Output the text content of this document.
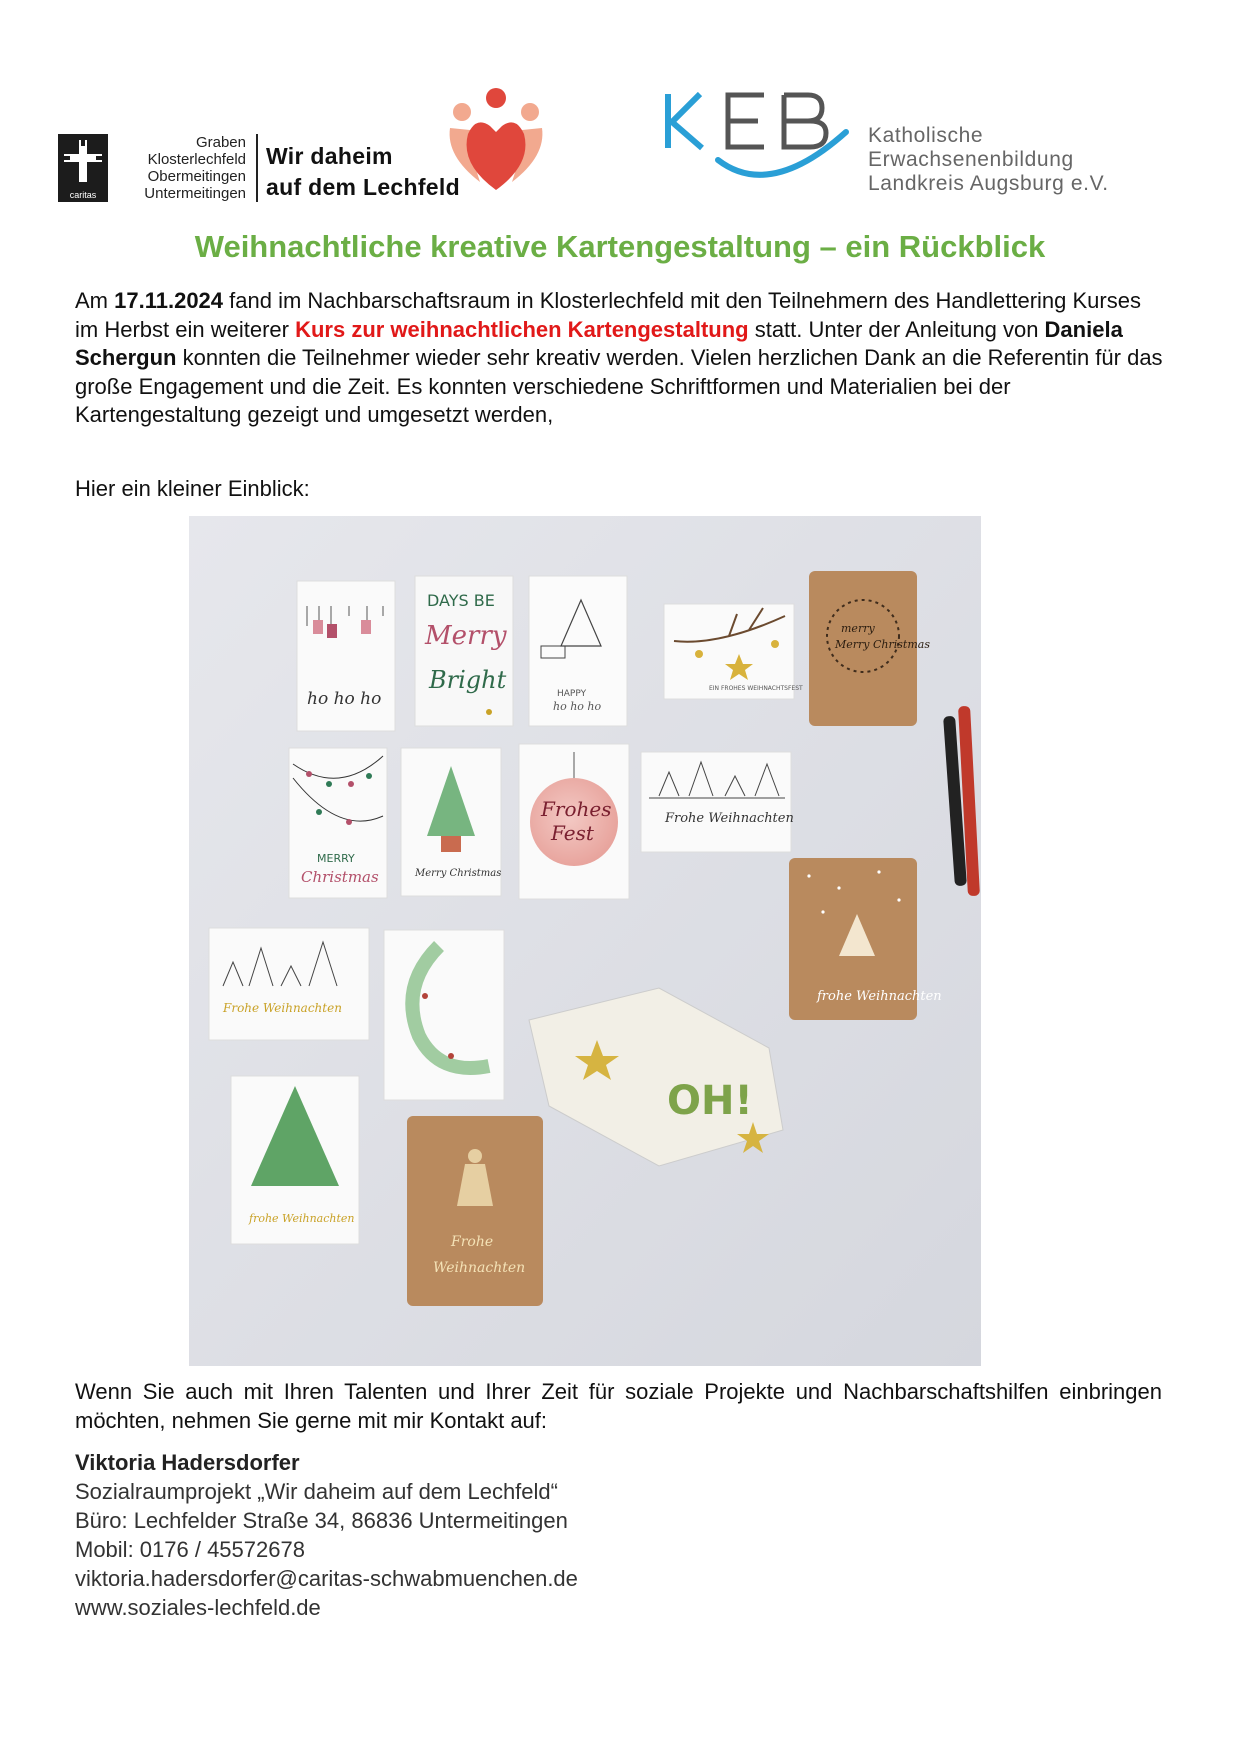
caritas
Graben
Klosterlechfeld
Obermeitingen
Untermeitingen
Wir daheim
auf dem Lechfeld
Katholische
Erwachsenenbildung
Landkreis Augsburg e.V.
Weihnachtliche kreative Kartengestaltung – ein Rückblick
Am 17.11.2024 fand im Nachbarschaftsraum in Klosterlechfeld mit den Teilnehmern des Handlettering Kurses im Herbst ein weiterer Kurs zur weihnachtlichen Kartengestaltung statt. Unter der Anleitung von Daniela Schergun konnten die Teilnehmer wieder sehr kreativ werden. Vielen herzlichen Dank an die Referentin für das große Engagement und die Zeit. Es konnten verschiedene Schriftformen und Materialien bei der Kartengestaltung gezeigt und umgesetzt werden,
Hier ein kleiner Einblick:
ho ho ho
DAYS BE
Merry
Bright	HAPPY
ho ho ho
EIN FROHES WEIHNACHTSFEST
merry
Merry Christmas
MERRY
Christmas	Merry Christmas
Frohes
Fest
Frohe Weihnachten
frohe Weihnachten
Frohe Weihnachten
OH!
frohe Weihnachten
Frohe
Weihnachten
Wenn Sie auch mit Ihren Talenten und Ihrer Zeit für soziale Projekte und Nachbarschaftshilfen einbringen möchten, nehmen Sie gerne mit mir Kontakt auf:
Viktoria Hadersdorfer
Sozialraumprojekt „Wir daheim auf dem Lechfeld“
Büro: Lechfelder Straße 34, 86836 Untermeitingen
Mobil: 0176 / 45572678
viktoria.hadersdorfer@caritas-schwabmuenchen.de
www.soziales-lechfeld.de
